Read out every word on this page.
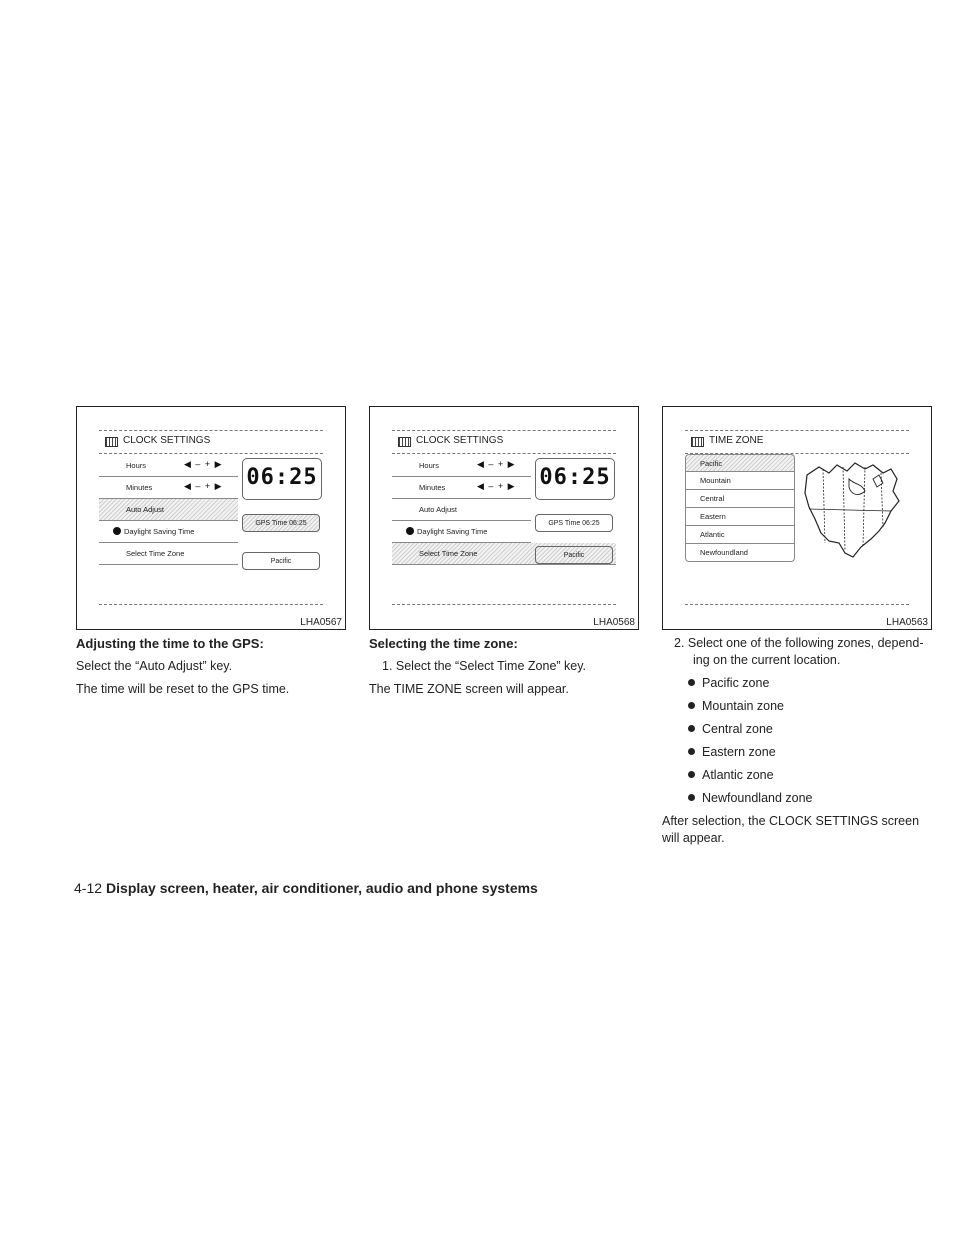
CLOCK SETTINGS
Hours	◀ – + ▶
Minutes	◀ – + ▶
Auto Adjust
Daylight Saving Time
Select Time Zone
06:25
GPS Time 06:25
Pacific
LHA0567
CLOCK SETTINGS
Hours	◀ – + ▶
Minutes	◀ – + ▶
Auto Adjust
Daylight Saving Time
Select Time Zone
06:25
GPS Time 06:25
Pacific
LHA0568
TIME ZONE
Pacific
Mountain
Central
Eastern
Atlantic
Newfoundland
LHA0563
Adjusting the time to the GPS:
Select the “Auto Adjust” key.
The time will be reset to the GPS time.
Selecting the time zone:
1. Select the “Select Time Zone” key.
The TIME ZONE screen will appear.
2. Select one of the following zones, depend-
ing on the current location.
Pacific zone
Mountain zone
Central zone
Eastern zone
Atlantic zone
Newfoundland zone
After selection, the CLOCK SETTINGS screen
will appear.
4-12 Display screen, heater, air conditioner, audio and phone systems
